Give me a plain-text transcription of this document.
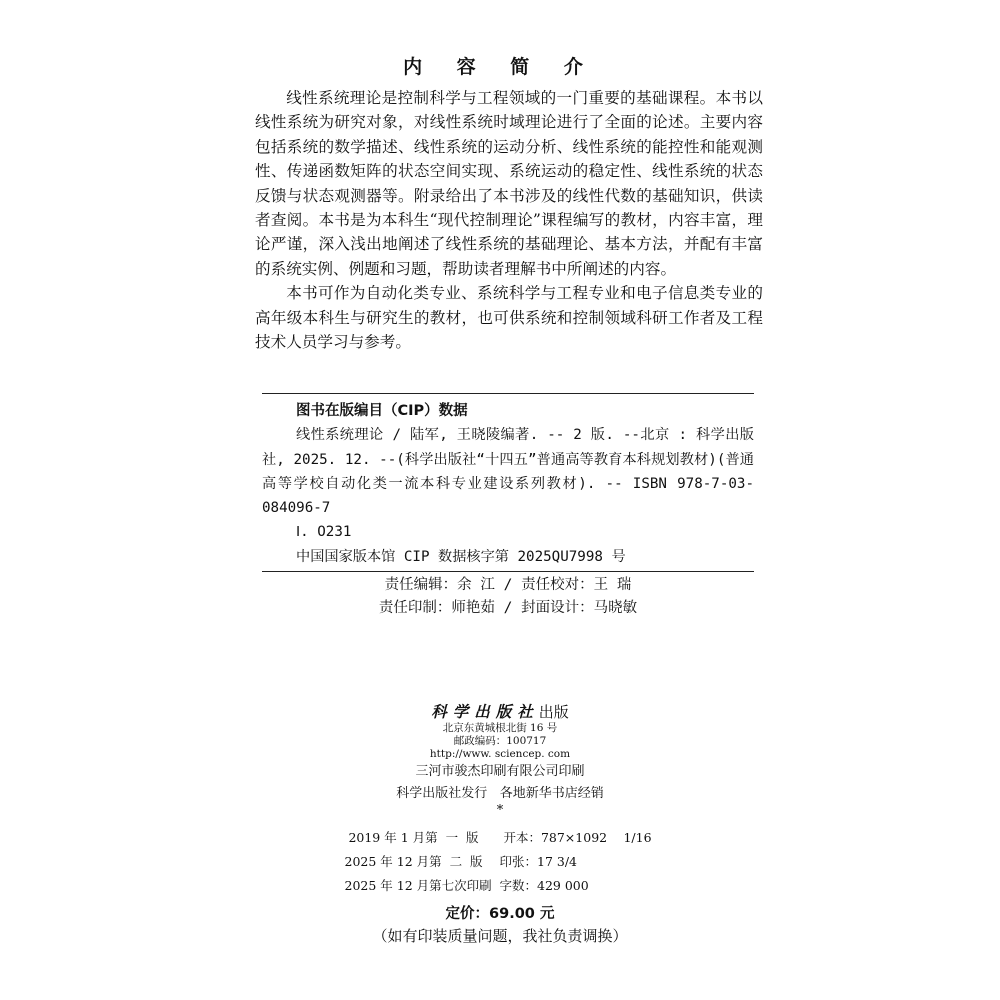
内 容 简 介

线性系统理论是控制科学与工程领域的一门重要的基础课程。本书以线性系统为研究对象，对线性系统时域理论进行了全面的论述。主要内容包括系统的数学描述、线性系统的运动分析、线性系统的能控性和能观测性、传递函数矩阵的状态空间实现、系统运动的稳定性、线性系统的状态反馈与状态观测器等。附录给出了本书涉及的线性代数的基础知识，供读者查阅。本书是为本科生“现代控制理论”课程编写的教材，内容丰富，理论严谨，深入浅出地阐述了线性系统的基础理论、基本方法，并配有丰富的系统实例、例题和习题，帮助读者理解书中所阐述的内容。

本书可作为自动化类专业、系统科学与工程专业和电子信息类专业的高年级本科生与研究生的教材，也可供系统和控制领域科研工作者及工程技术人员学习与参考。

图书在版编目（CIP）数据
线性系统理论 / 陆军, 王晓陵编著. -- 2 版. --北京 : 科学出版社, 2025. 12. --(科学出版社“十四五”普通高等教育本科规划教材)(普通高等学校自动化类一流本科专业建设系列教材). -- ISBN 978-7-03-084096-7
Ⅰ. O231
中国国家版本馆 CIP 数据核字第 2025QU7998 号
责任编辑：余 江 / 责任校对：王 瑞
责任印制：师艳茹 / 封面设计：马晓敏
科学出版社出版
北京东黄城根北街 16 号
邮政编码：100717
http://www. sciencep. com
三河市骏杰印刷有限公司印刷
科学出版社发行   各地新华书店经销
*
2019 年 1 月第  一  版	开本：787×1092	1/16
2025 年 12 月第  二  版	印张：17 3/4
2025 年 12 月第七次印刷 字数：429 000
定价：69.00 元
（如有印装质量问题，我社负责调换）
